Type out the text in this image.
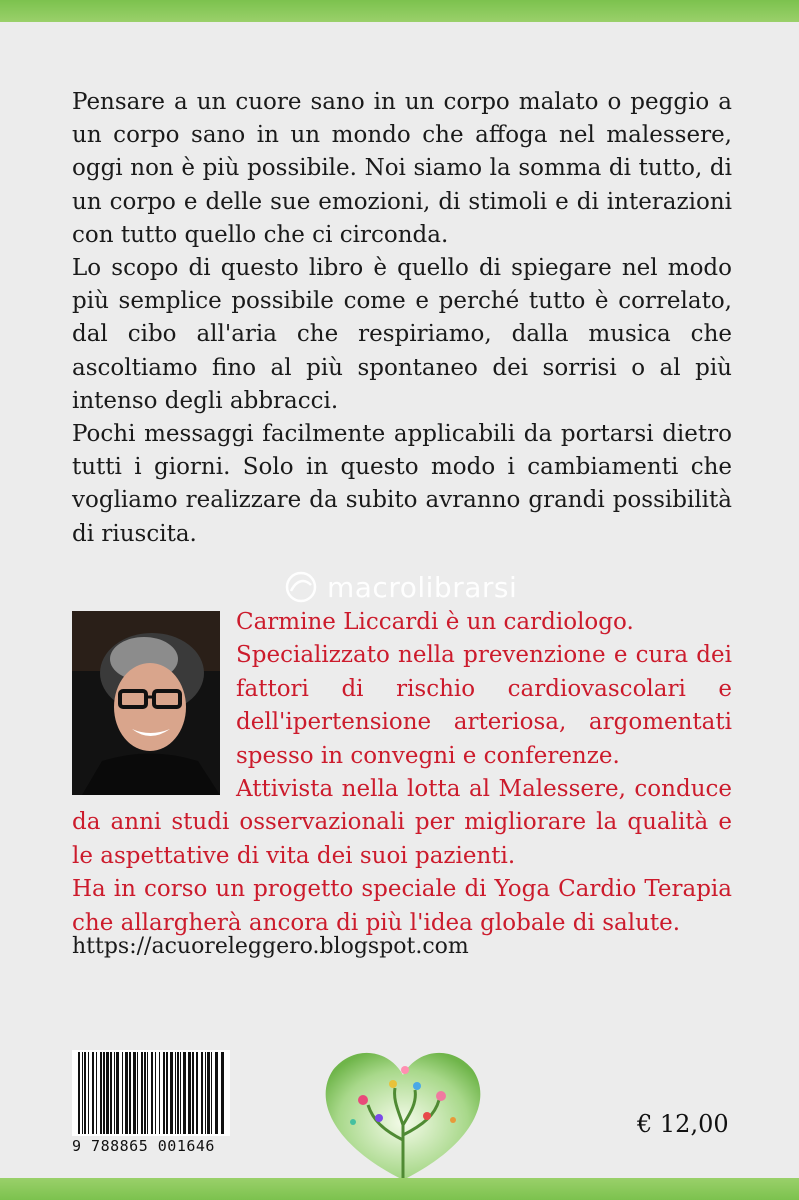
Pensare a un cuore sano in un corpo malato o peggio a un corpo sano in un mondo che affoga nel malessere, oggi non è più possibile. Noi siamo la somma di tutto, di un corpo e delle sue emozioni, di stimoli e di interazioni con tutto quello che ci circonda.

Lo scopo di questo libro è quello di spiegare nel modo più semplice possibile come e perché tutto è correlato, dal cibo all'aria che respiriamo, dalla musica che ascoltiamo fino al più spontaneo dei sorrisi o al più intenso degli abbracci.

Pochi messaggi facilmente applicabili da portarsi dietro tutti i giorni. Solo in questo modo i cambiamenti che vogliamo realizzare da subito avranno grandi possibilità di riuscita.

macrolibrarsi

Carmine Liccardi è un cardiologo.

Specializzato nella prevenzione e cura dei fattori di rischio cardiovascolari e dell'ipertensione arteriosa, argomentati spesso in convegni e conferenze.

Attivista nella lotta al Malessere, conduce da anni studi osservazionali per migliorare la qualità e le aspettative di vita dei suoi pazienti.

Ha in corso un progetto speciale di Yoga Cardio Terapia che allargherà ancora di più l'idea globale di salute.

https://acuoreleggero.blogspot.com
9 788865 001646
€ 12,00
